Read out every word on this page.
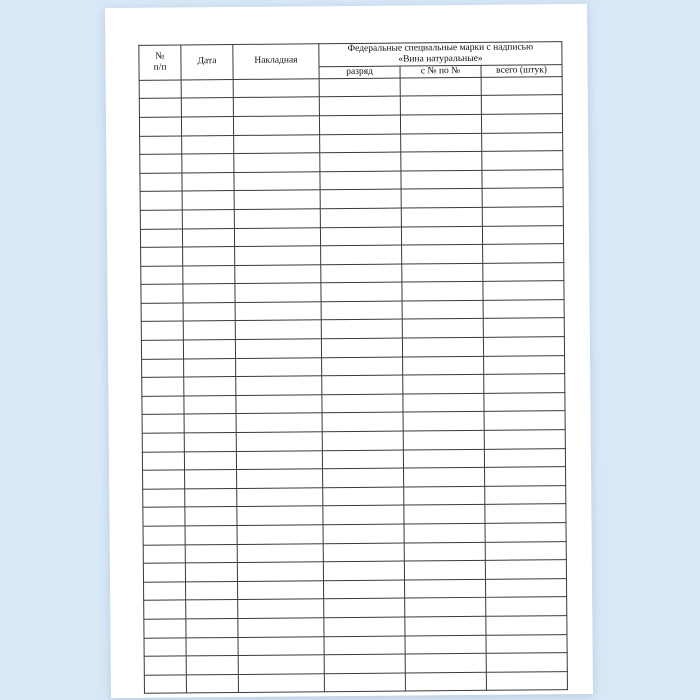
№
п/п	Дата	Накладная	Федеральные специальные марки с надписью
«Вина натуральные»		
			разряд	с № по №	всего (штук)
